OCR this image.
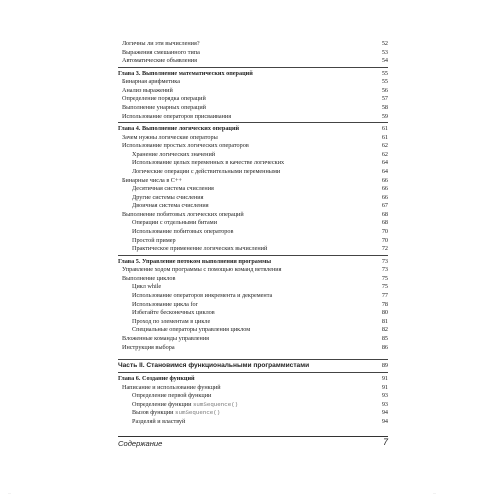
Логичны ли эти вычисления?	52
Выражения смешанного типа	53
Автоматические объявления	54
Глава 3. Выполнение математических операций	55
Бинарная арифметика	55
Анализ выражений	56
Определение порядка операций	57
Выполнение унарных операций	58
Использование операторов присваивания	59
Глава 4. Выполнение логических операций	61
Зачем нужны логические операторы	61
Использование простых логических операторов	62
Хранение логических значений	62
Использование целых переменных в качестве логических	64
Логические операции с действительными переменными	64
Бинарные числа в C++	66
Десятичная система счисления	66
Другие системы счисления	66
Двоичная система счисления	67
Выполнение побитовых логических операций	68
Операции с отдельными битами	68
Использование побитовых операторов	70
Простой пример	70
Практическое применение логических вычислений	72
Глава 5. Управление потоком выполнения программы	73
Управление ходом программы с помощью команд ветвления	73
Выполнение циклов	75
Цикл while	75
Использование операторов инкремента и декремента	77
Использование цикла for	78
Избегайте бесконечных циклов	80
Проход по элементам в цикле	81
Специальные операторы управления циклом	82
Вложенные команды управления	85
Инструкция выбора	86
Часть II. Становимся функциональными программистами	89
Глава 6. Создание функций	91
Написание и использование функций	91
Определение первой функции	93
Определение функции sumSequence()	93
Вызов функции sumSequence()	94
Разделяй и властвуй	94
Содержание	7
...	...
